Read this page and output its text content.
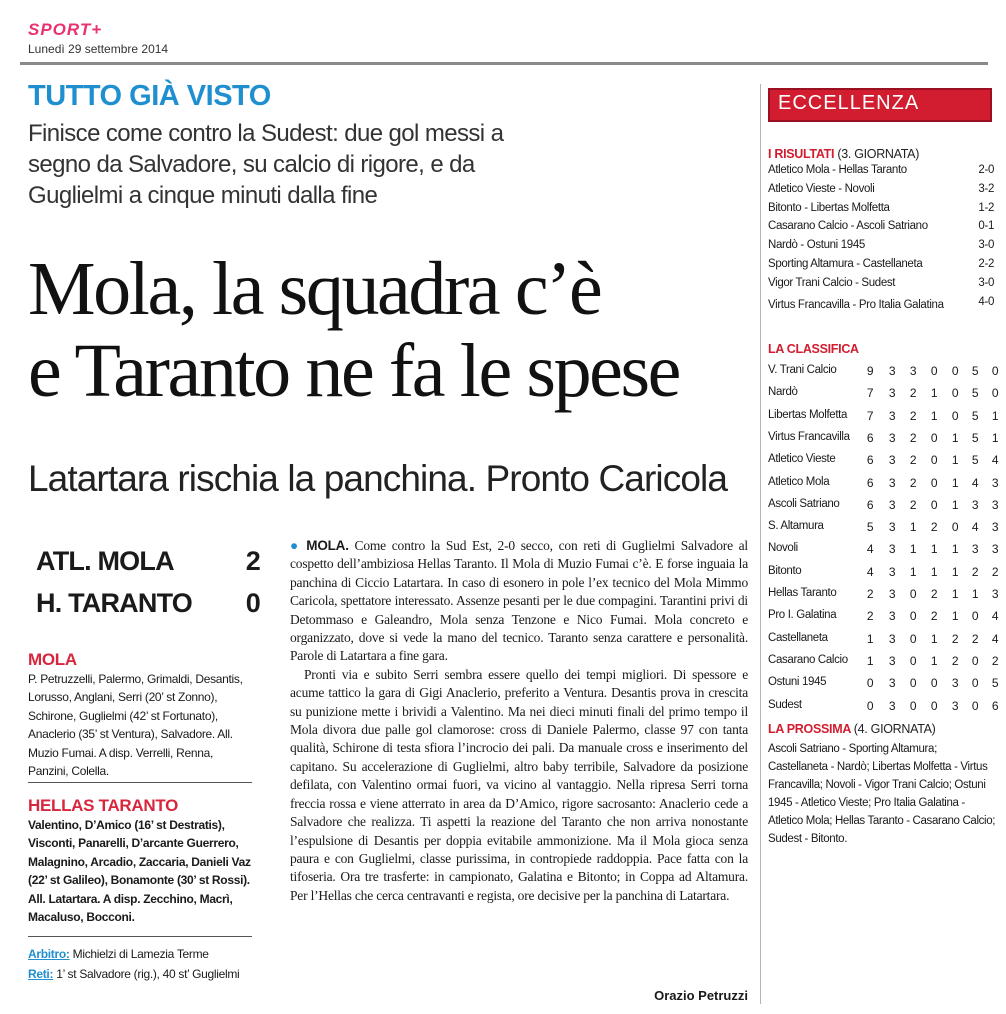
SPORT+
Lunedì 29 settembre 2014
TUTTO GIÀ VISTO
Finisce come contro la Sudest: due gol messi a segno da Salvadore, su calcio di rigore, e da Guglielmi a cinque minuti dalla fine
Mola, la squadra c’è
e Taranto ne fa le spese
Latartara rischia la panchina. Pronto Caricola
ATL. MOLA	2
H. TARANTO 0
MOLA
P. Petruzzelli, Palermo, Grimaldi, Desantis, Lorusso, Anglani, Serri (20’ st Zonno), Schirone, Guglielmi (42’ st Fortunato), Anaclerio (35’ st Ventura), Salvadore. All. Muzio Fumai. A disp. Verrelli, Renna, Panzini, Colella.
HELLAS TARANTO
Valentino, D’Amico (16’ st Destratis), Visconti, Panarelli, D’arcante Guerrero, Malagnino, Arcadio, Zaccaria, Danieli Vaz (22’ st Galileo), Bonamonte (30’ st Rossi). All. Latartara. A disp. Zecchino, Macrì, Macaluso, Bocconi.
Arbitro: Michielzi di Lamezia Terme
Reti: 1’ st Salvadore (rig.), 40 st’ Guglielmi

● MOLA. Come contro la Sud Est, 2-0 secco, con reti di Guglielmi Salvadore al cospetto dell’ambiziosa Hellas Taranto. Il Mola di Muzio Fumai c’è. E forse inguaia la panchina di Ciccio Latartara. In caso di esonero in pole l’ex tecnico del Mola Mimmo Caricola, spettatore interessato. Assenze pesanti per le due compagini. Tarantini privi di Detommaso e Galeandro, Mola senza Tenzone e Nico Fumai. Mola concreto e organizzato, dove si vede la mano del tecnico. Taranto senza carattere e personalità. Parole di Latartara a fine gara.

Pronti via e subito Serri sembra essere quello dei tempi migliori. Di spessore e acume tattico la gara di Gigi Anaclerio, preferito a Ventura. Desantis prova in crescita su punizione mette i brividi a Valentino. Ma nei dieci minuti finali del primo tempo il Mola divora due palle gol clamorose: cross di Daniele Palermo, classe 97 con tanta qualità, Schirone di testa sfiora l’incrocio dei pali. Da manuale cross e inserimento del capitano. Su accelerazione di Guglielmi, altro baby terribile, Salvadore da posizione defilata, con Valentino ormai fuori, va vicino al vantaggio. Nella ripresa Serri torna freccia rossa e viene atterrato in area da D’Amico, rigore sacrosanto: Anaclerio cede a Salvadore che realizza. Ti aspetti la reazione del Taranto che non arriva nonostante l’espulsione di Desantis per doppia evitabile ammonizione. Ma il Mola gioca senza paura e con Guglielmi, classe purissima, in contropiede raddoppia. Pace fatta con la tifoseria. Ora tre trasferte: in campionato, Galatina e Bitonto; in Coppa ad Altamura. Per l’Hellas che cerca centravanti e regista, ore decisive per la panchina di Latartara.

Orazio Petruzzi
ECCELLENZA
I RISULTATI (3. GIORNATA)
Atletico Mola - Hellas Taranto	2-0
Atletico Vieste - Novoli	3-2
Bitonto - Libertas Molfetta	1-2
Casarano Calcio - Ascoli Satriano	0-1
Nardò - Ostuni 1945	3-0
Sporting Altamura - Castellaneta	2-2
Vigor Trani Calcio - Sudest	3-0
Virtus Francavilla - Pro Italia Galatina	4-0
LA CLASSIFICA
V. Trani Calcio	9 3 3 0 0 5 0
Nardò	7 3 2 1 0 5 0
Libertas Molfetta 7 3 2 1 0 5 1
Virtus Francavilla 6 3 2 0 1 5 1
Atletico Vieste	6 3 2 0 1 5 4
Atletico Mola	6 3 2 0 1 4 3
Ascoli Satriano 6 3 2 0 1 3 3
S. Altamura	5 3 1 2 0 4 3
Novoli	4 3 1 1 1 3 3
Bitonto	4 3 1 1 1 2 2
Hellas Taranto	2 3 0 2 1 1 3
Pro I. Galatina	2 3 0 2 1 0 4
Castellaneta	1 3 0 1 2 2 4
Casarano Calcio 1 3 0 1 2 0 2
Ostuni 1945	0 3 0 0 3 0 5
Sudest	0 3 0 0 3 0 6
LA PROSSIMA (4. GIORNATA)
Ascoli Satriano - Sporting Altamura; Castellaneta - Nardò; Libertas Molfetta - Virtus Francavilla; Novoli - Vigor Trani Calcio; Ostuni 1945 - Atletico Vieste; Pro Italia Galatina - Atletico Mola; Hellas Taranto - Casarano Calcio; Sudest - Bitonto.
